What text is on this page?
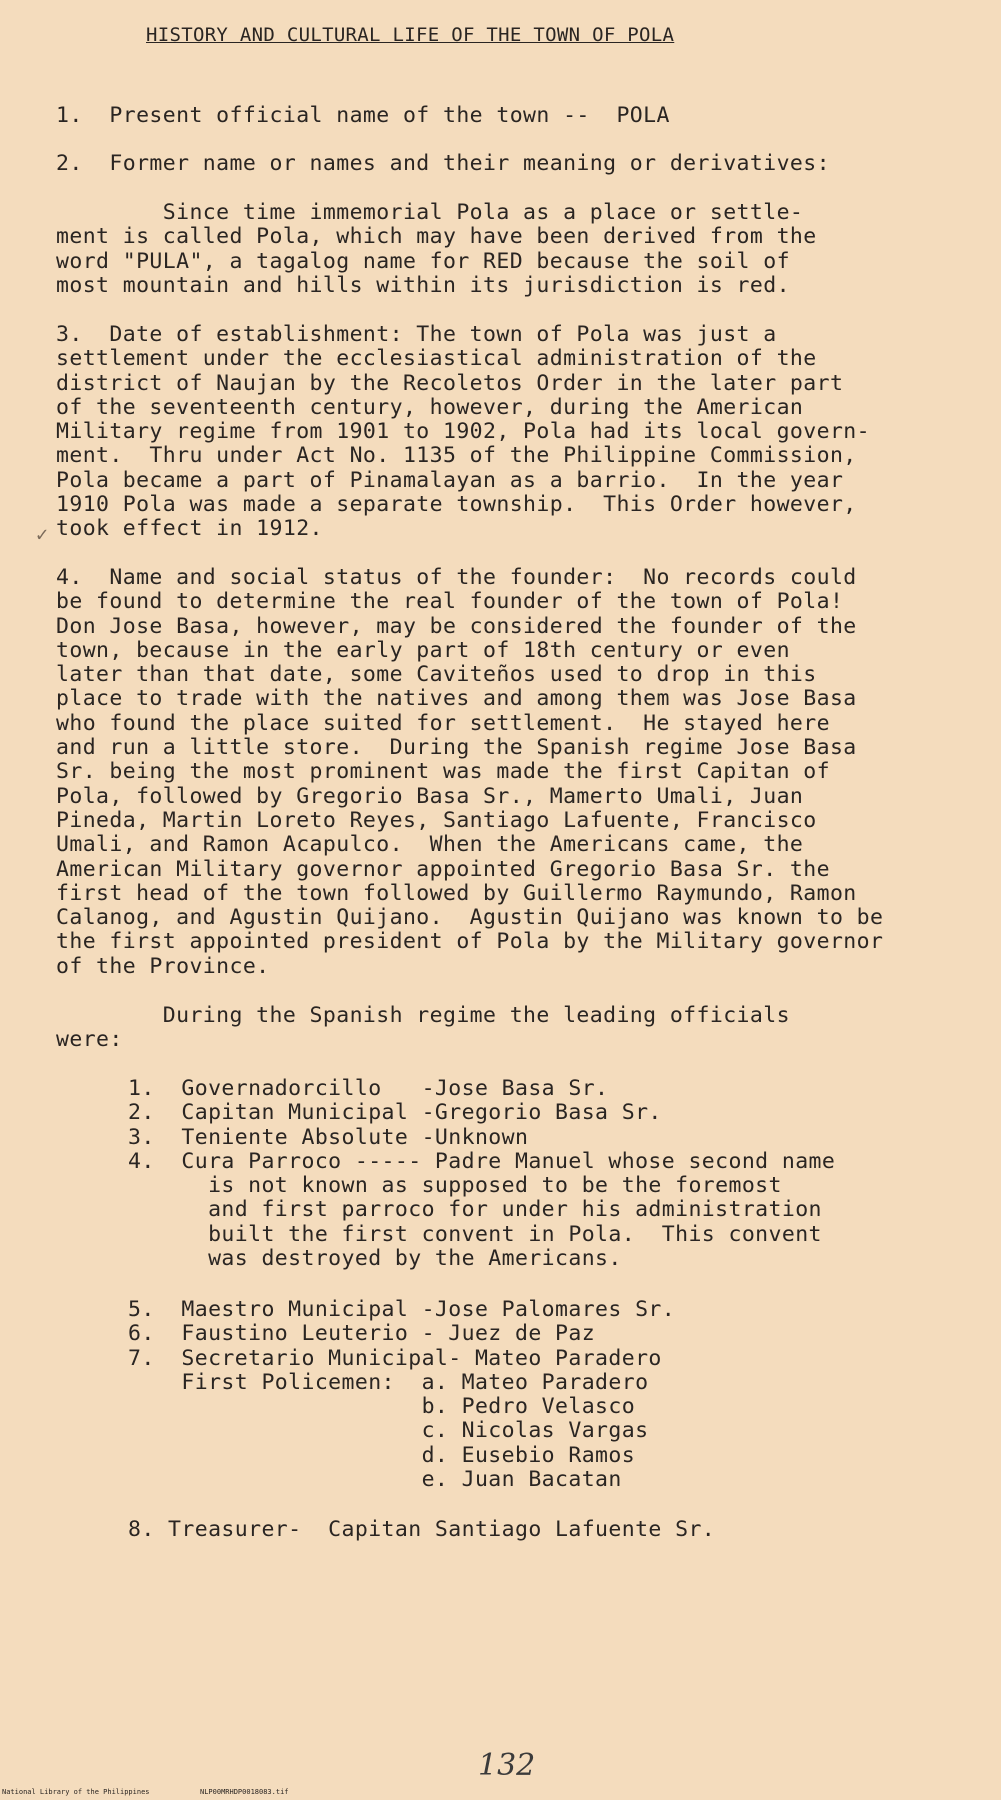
HISTORY AND CULTURAL LIFE OF THE TOWN OF POLA
1.  Present official name of the town --  POLA
2.  Former name or names and their meaning or derivatives:
Since time immemorial Pola as a place or settle-
ment is called Pola, which may have been derived from the
word "PULA", a tagalog name for RED because the soil of
most mountain and hills within its jurisdiction is red.
3.  Date of establishment: The town of Pola was just a
settlement under the ecclesiastical administration of the
district of Naujan by the Recoletos Order in the later part
of the seventeenth century, however, during the American
Military regime from 1901 to 1902, Pola had its local govern-
ment.  Thru under Act No. 1135 of the Philippine Commission,
Pola became a part of Pinamalayan as a barrio.  In the year
1910 Pola was made a separate township.  This Order however,
took effect in 1912.
✓
4.  Name and social status of the founder:  No records could
be found to determine the real founder of the town of Pola!
Don Jose Basa, however, may be considered the founder of the
town, because in the early part of 18th century or even
later than that date, some Caviteños used to drop in this
place to trade with the natives and among them was Jose Basa
who found the place suited for settlement.  He stayed here
and run a little store.  During the Spanish regime Jose Basa
Sr. being the most prominent was made the first Capitan of
Pola, followed by Gregorio Basa Sr., Mamerto Umali, Juan
Pineda, Martin Loreto Reyes, Santiago Lafuente, Francisco
Umali, and Ramon Acapulco.  When the Americans came, the
American Military governor appointed Gregorio Basa Sr. the
first head of the town followed by Guillermo Raymundo, Ramon
Calanog, and Agustin Quijano.  Agustin Quijano was known to be
the first appointed president of Pola by the Military governor
of the Province.
During the Spanish regime the leading officials
were:
1.  Governadorcillo   -Jose Basa Sr.
2.  Capitan Municipal -Gregorio Basa Sr.
3.  Teniente Absolute -Unknown
4.  Cura Parroco ----- Padre Manuel whose second name
is not known as supposed to be the foremost
and first parroco for under his administration
built the first convent in Pola.  This convent
was destroyed by the Americans.
5.  Maestro Municipal -Jose Palomares Sr.
6.  Faustino Leuterio - Juez de Paz
7.  Secretario Municipal- Mateo Paradero
First Policemen:  a. Mateo Paradero
b. Pedro Velasco
c. Nicolas Vargas
d. Eusebio Ramos
e. Juan Bacatan
8. Treasurer-  Capitan Santiago Lafuente Sr.
132
National Library of the Philippines	NLP00MRHDP0018083.tif
